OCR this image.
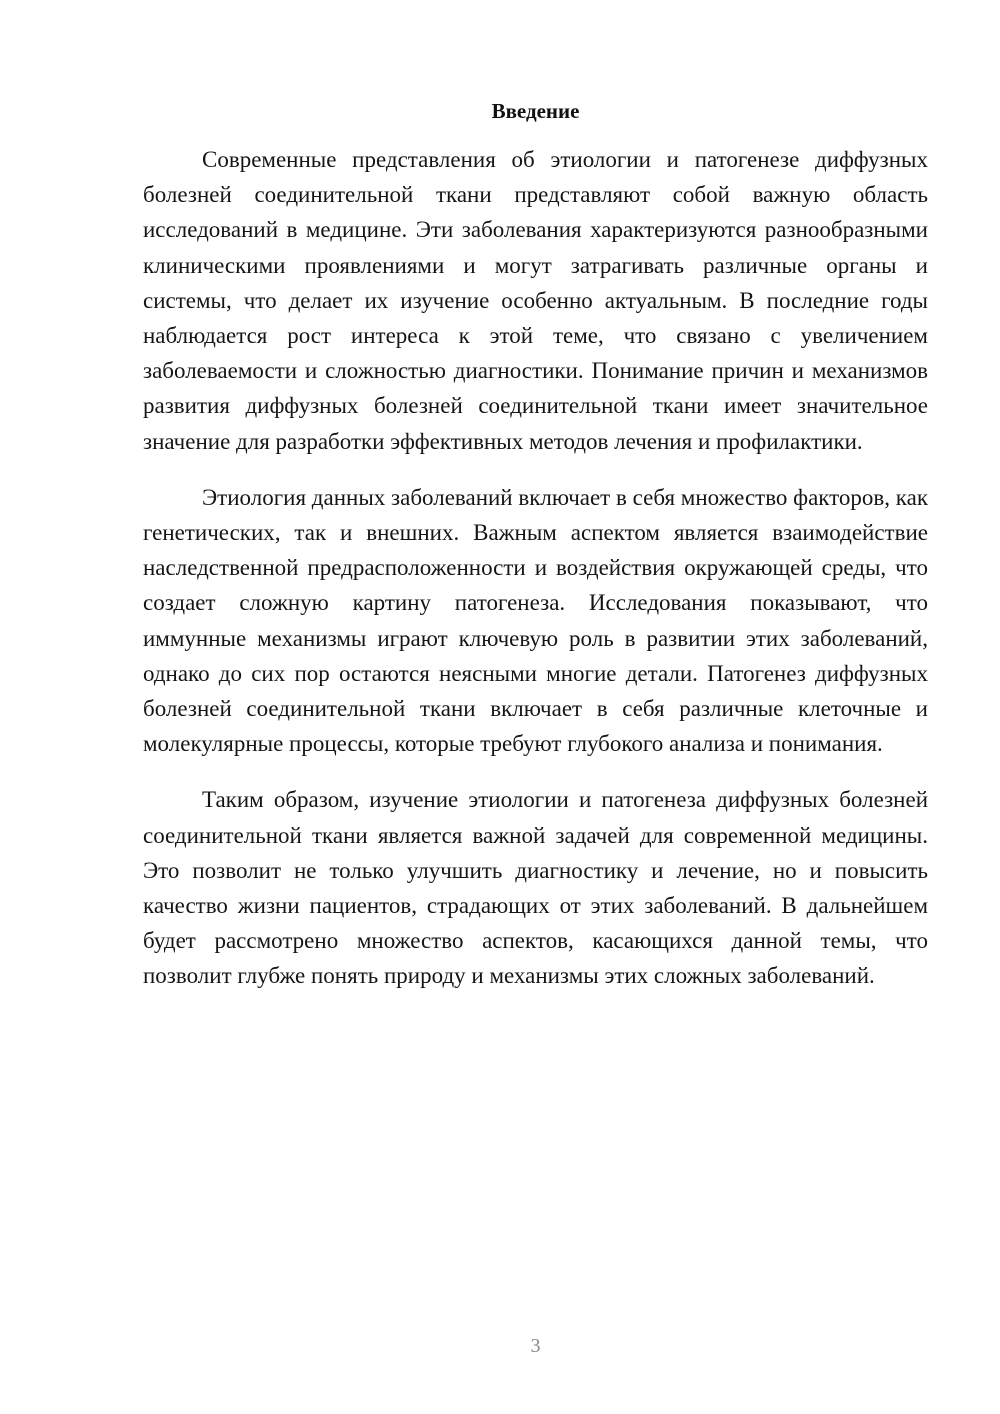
Введение

Современные представления об этиологии и патогенезе диффузных болезней соединительной ткани представляют собой важную область исследований в медицине. Эти заболевания характеризуются разнообразными клиническими проявлениями и могут затрагивать различные органы и системы, что делает их изучение особенно актуальным. В последние годы наблюдается рост интереса к этой теме, что связано с увеличением заболеваемости и сложностью диагностики. Понимание причин и механизмов развития диффузных болезней соединительной ткани имеет значительное значение для разработки эффективных методов лечения и профилактики.

Этиология данных заболеваний включает в себя множество факторов, как генетических, так и внешних. Важным аспектом является взаимодействие наследственной предрасположенности и воздействия окружающей среды, что создает сложную картину патогенеза. Исследования показывают, что иммунные механизмы играют ключевую роль в развитии этих заболеваний, однако до сих пор остаются неясными многие детали. Патогенез диффузных болезней соединительной ткани включает в себя различные клеточные и молекулярные процессы, которые требуют глубокого анализа и понимания.

Таким образом, изучение этиологии и патогенеза диффузных болезней соединительной ткани является важной задачей для современной медицины. Это позволит не только улучшить диагностику и лечение, но и повысить качество жизни пациентов, страдающих от этих заболеваний. В дальнейшем будет рассмотрено множество аспектов, касающихся данной темы, что позволит глубже понять природу и механизмы этих сложных заболеваний.

3
